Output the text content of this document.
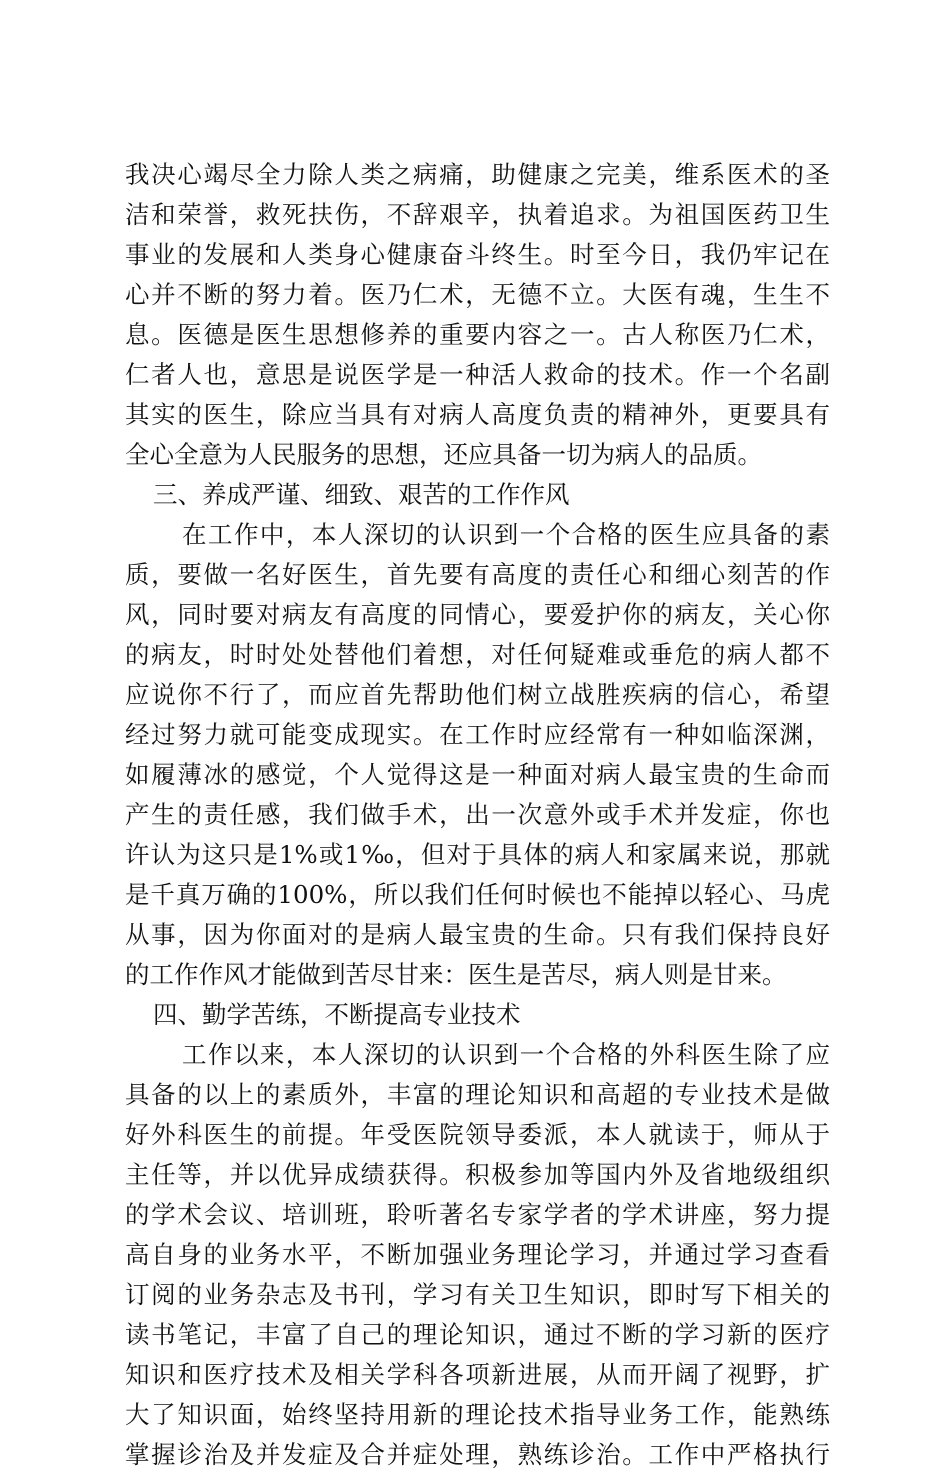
我决心竭尽全力除人类之病痛，助健康之完美，维系医术的圣
洁和荣誉，救死扶伤，不辞艰辛，执着追求。为祖国医药卫生
事业的发展和人类身心健康奋斗终生。时至今日，我仍牢记在
心并不断的努力着。医乃仁术，无德不立。大医有魂，生生不
息。医德是医生思想修养的重要内容之一。古人称医乃仁术，
仁者人也，意思是说医学是一种活人救命的技术。作一个名副
其实的医生，除应当具有对病人高度负责的精神外，更要具有
全心全意为人民服务的思想，还应具备一切为病人的品质。
三、养成严谨、细致、艰苦的工作作风
在工作中，本人深切的认识到一个合格的医生应具备的素
质，要做一名好医生，首先要有高度的责任心和细心刻苦的作
风，同时要对病友有高度的同情心，要爱护你的病友，关心你
的病友，时时处处替他们着想，对任何疑难或垂危的病人都不
应说你不行了，而应首先帮助他们树立战胜疾病的信心，希望
经过努力就可能变成现实。在工作时应经常有一种如临深渊，
如履薄冰的感觉，个人觉得这是一种面对病人最宝贵的生命而
产生的责任感，我们做手术，出一次意外或手术并发症，你也
许认为这只是1%或1‰，但对于具体的病人和家属来说，那就
是千真万确的100%，所以我们任何时候也不能掉以轻心、马虎
从事，因为你面对的是病人最宝贵的生命。只有我们保持良好
的工作作风才能做到苦尽甘来：医生是苦尽，病人则是甘来。
四、勤学苦练，不断提高专业技术
工作以来，本人深切的认识到一个合格的外科医生除了应
具备的以上的素质外，丰富的理论知识和高超的专业技术是做
好外科医生的前提。年受医院领导委派，本人就读于，师从于
主任等，并以优异成绩获得。积极参加等国内外及省地级组织
的学术会议、培训班，聆听著名专家学者的学术讲座，努力提
高自身的业务水平，不断加强业务理论学习，并通过学习查看
订阅的业务杂志及书刊，学习有关卫生知识，即时写下相关的
读书笔记，丰富了自己的理论知识，通过不断的学习新的医疗
知识和医疗技术及相关学科各项新进展，从而开阔了视野，扩
大了知识面，始终坚持用新的理论技术指导业务工作，能熟练
掌握诊治及并发症及合并症处理，熟练诊治。工作中严格执行
